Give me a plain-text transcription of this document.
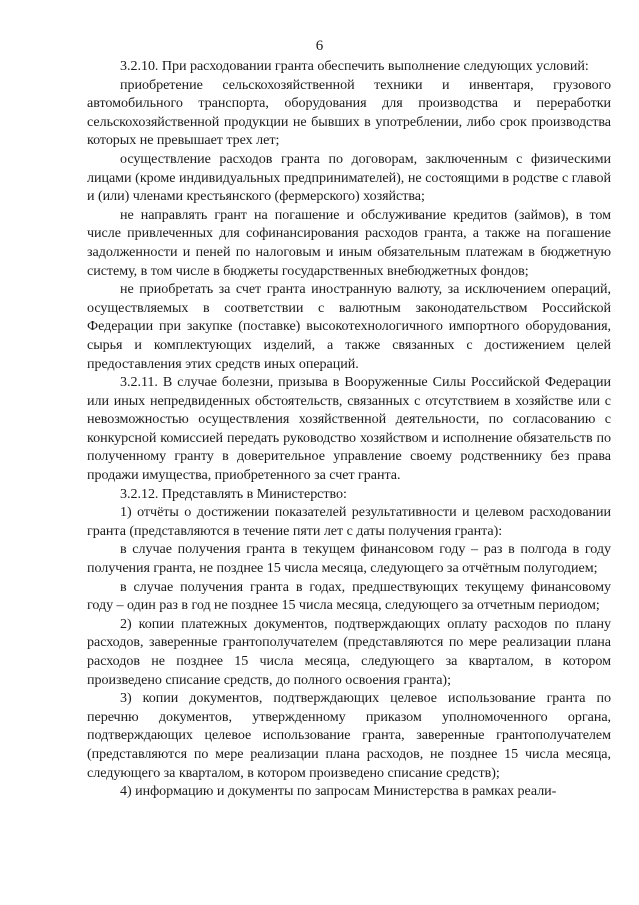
6

3.2.10. При расходовании гранта обеспечить выполнение следующих условий:

приобретение сельскохозяйственной техники и инвентаря, грузового автомобильного транспорта, оборудования для производства и переработки сельскохозяйственной продукции не бывших в употреблении, либо срок производства которых не превышает трех лет;

осуществление расходов гранта по договорам, заключенным с физическими лицами (кроме индивидуальных предпринимателей), не состоящими в родстве с главой и (или) членами крестьянского (фермерского) хозяйства;

не направлять грант на погашение и обслуживание кредитов (займов), в том числе привлеченных для софинансирования расходов гранта, а также на погашение задолженности и пеней по налоговым и иным обязательным платежам в бюджетную систему, в том числе в бюджеты государственных внебюджетных фондов;

не приобретать за счет гранта иностранную валюту, за исключением операций, осуществляемых в соответствии с валютным законодательством Российской Федерации при закупке (поставке) высокотехнологичного импортного оборудования, сырья и комплектующих изделий, а также связанных с достижением целей предоставления этих средств иных операций.

3.2.11. В случае болезни, призыва в Вооруженные Силы Российской Федерации или иных непредвиденных обстоятельств, связанных с отсутствием в хозяйстве или с невозможностью осуществления хозяйственной деятельности, по согласованию с конкурсной комиссией передать руководство хозяйством и исполнение обязательств по полученному гранту в доверительное управление своему родственнику без права продажи имущества, приобретенного за счет гранта.

3.2.12. Представлять в Министерство:

1) отчёты о достижении показателей результативности и целевом расходовании гранта (представляются в течение пяти лет с даты получения гранта):

в случае получения гранта в текущем финансовом году – раз в полгода в году получения гранта, не позднее 15 числа месяца, следующего за отчётным полугодием;

в случае получения гранта в годах, предшествующих текущему финансовому году – один раз в год не позднее 15 числа месяца, следующего за отчетным периодом;

2) копии платежных документов, подтверждающих оплату расходов по плану расходов, заверенные грантополучателем (представляются по мере реализации плана расходов не позднее 15 числа месяца, следующего за кварталом, в котором произведено списание средств, до полного освоения гранта);

3) копии документов, подтверждающих целевое использование гранта по перечню документов, утвержденному приказом уполномоченного органа, подтверждающих целевое использование гранта, заверенные грантополучателем (представляются по мере реализации плана расходов, не позднее 15 числа месяца, следующего за кварталом, в котором произведено списание средств);

4) информацию и документы по запросам Министерства в рамках реали-
